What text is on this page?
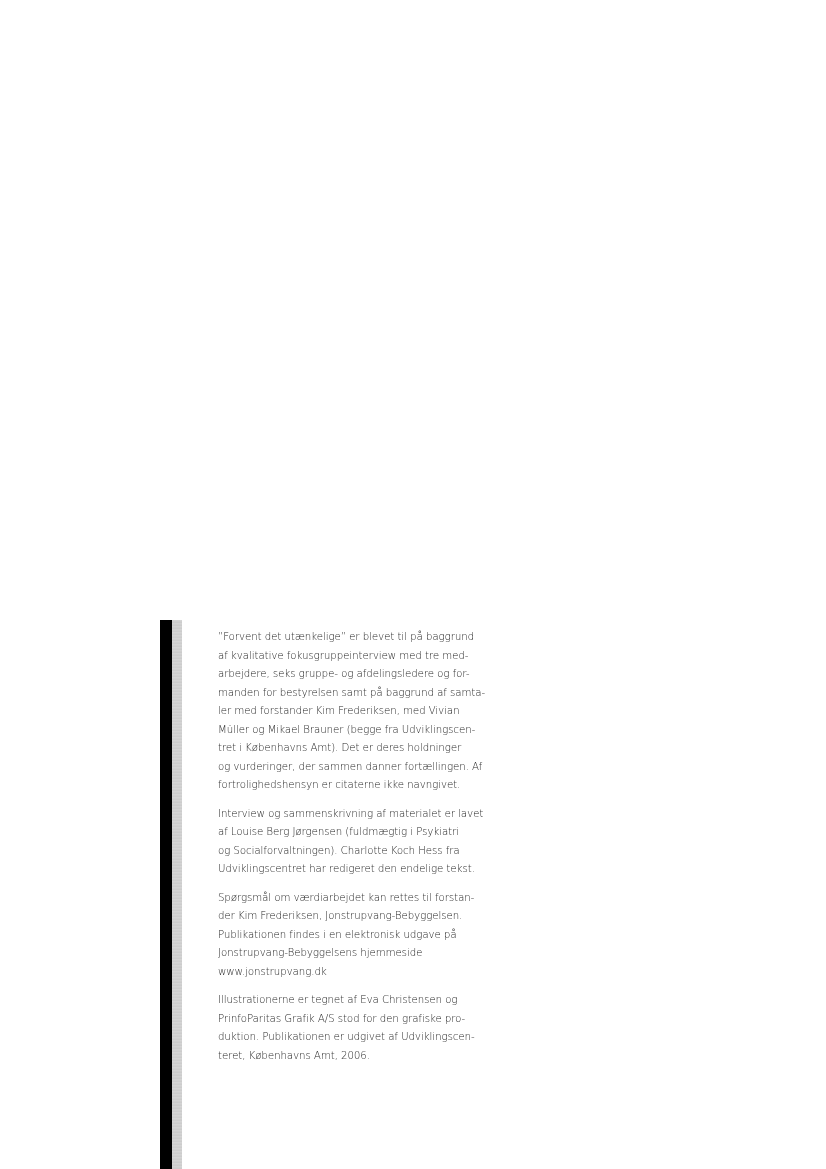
”Forvent det utænkelige” er blevet til på baggrund
af kvalitative fokusgruppeinterview med tre med-
arbejdere, seks gruppe- og afdelingsledere og for-
manden for bestyrelsen samt på baggrund af samta-
ler med forstander Kim Frederiksen, med Vivian
Müller og Mikael Brauner (begge fra Udviklingscen-
tret i Københavns Amt). Det er deres holdninger
og vurderinger, der sammen danner fortællingen. Af
fortrolighedshensyn er citaterne ikke navngivet.

Interview og sammenskrivning af materialet er lavet
af Louise Berg Jørgensen (fuldmægtig i Psykiatri
og Socialforvaltningen). Charlotte Koch Hess fra
Udviklingscentret har redigeret den endelige tekst.

Spørgsmål om værdiarbejdet kan rettes til forstan-
der Kim Frederiksen, Jonstrupvang-Bebyggelsen.
Publikationen findes i en elektronisk udgave på
Jonstrupvang-Bebyggelsens hjemmeside
www.jonstrupvang.dk

Illustrationerne er tegnet af Eva Christensen og
PrinfoParitas Grafik A/S stod for den grafiske pro-
duktion. Publikationen er udgivet af Udviklingscen-
teret, Københavns Amt, 2006.
